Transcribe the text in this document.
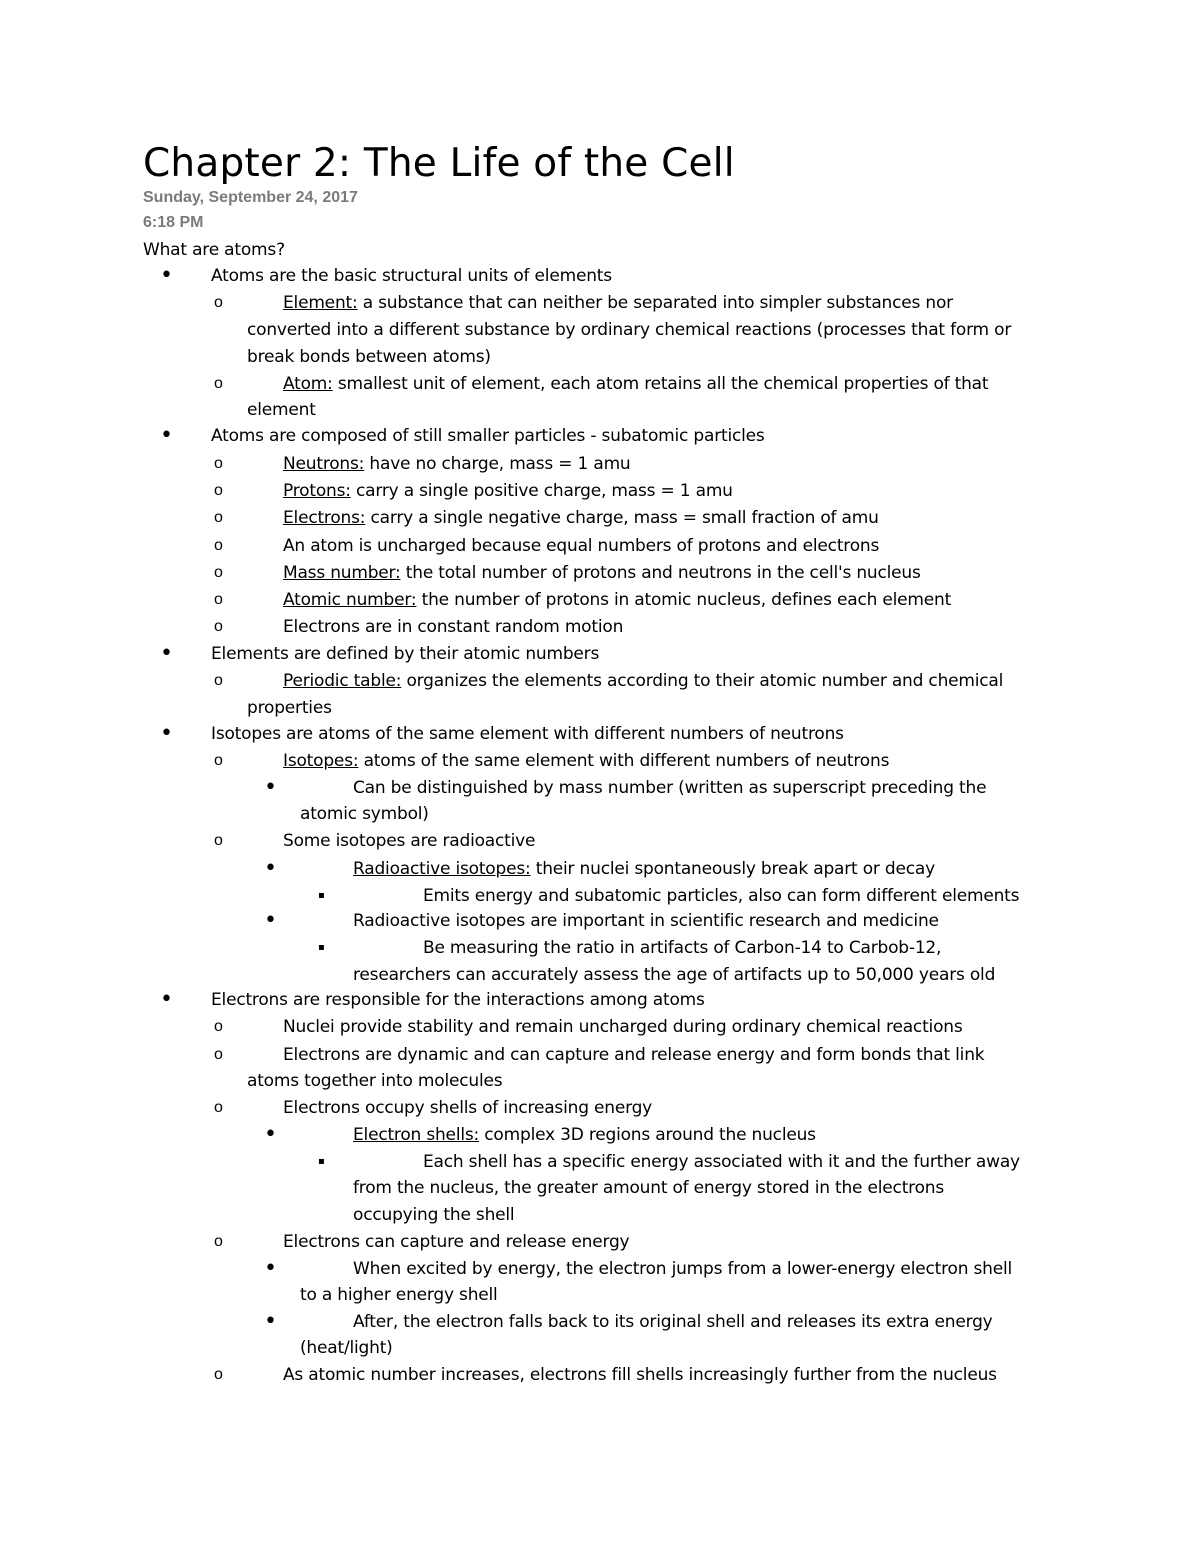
Chapter 2: The Life of the Cell
Sunday, September 24, 2017
6:18 PM
What are atoms?
• Atoms are the basic structural units of elements
o	Element: a substance that can neither be separated into simpler substances nor
converted into a different substance by ordinary chemical reactions (processes that form or
break bonds between atoms)
o	Atom: smallest unit of element, each atom retains all the chemical properties of that
element
• Atoms are composed of still smaller particles - subatomic particles
o	Neutrons: have no charge, mass = 1 amu
o	Protons: carry a single positive charge, mass = 1 amu
o	Electrons: carry a single negative charge, mass = small fraction of amu
o	An atom is uncharged because equal numbers of protons and electrons
o	Mass number: the total number of protons and neutrons in the cell's nucleus
o	Atomic number: the number of protons in atomic nucleus, defines each element
o	Electrons are in constant random motion
• Elements are defined by their atomic numbers
o	Periodic table: organizes the elements according to their atomic number and chemical
properties
• Isotopes are atoms of the same element with different numbers of neutrons
o	Isotopes: atoms of the same element with different numbers of neutrons
•	Can be distinguished by mass number (written as superscript preceding the
atomic symbol)
o	Some isotopes are radioactive
•	Radioactive isotopes: their nuclei spontaneously break apart or decay
▪	Emits energy and subatomic particles, also can form different elements
•	Radioactive isotopes are important in scientific research and medicine
▪	Be measuring the ratio in artifacts of Carbon-14 to Carbob-12,
researchers can accurately assess the age of artifacts up to 50,000 years old
• Electrons are responsible for the interactions among atoms
o	Nuclei provide stability and remain uncharged during ordinary chemical reactions
o	Electrons are dynamic and can capture and release energy and form bonds that link
atoms together into molecules
o	Electrons occupy shells of increasing energy
•	Electron shells: complex 3D regions around the nucleus
▪	Each shell has a specific energy associated with it and the further away
from the nucleus, the greater amount of energy stored in the electrons
occupying the shell
o	Electrons can capture and release energy
•	When excited by energy, the electron jumps from a lower-energy electron shell
to a higher energy shell
•	After, the electron falls back to its original shell and releases its extra energy
(heat/light)
o	As atomic number increases, electrons fill shells increasingly further from the nucleus
